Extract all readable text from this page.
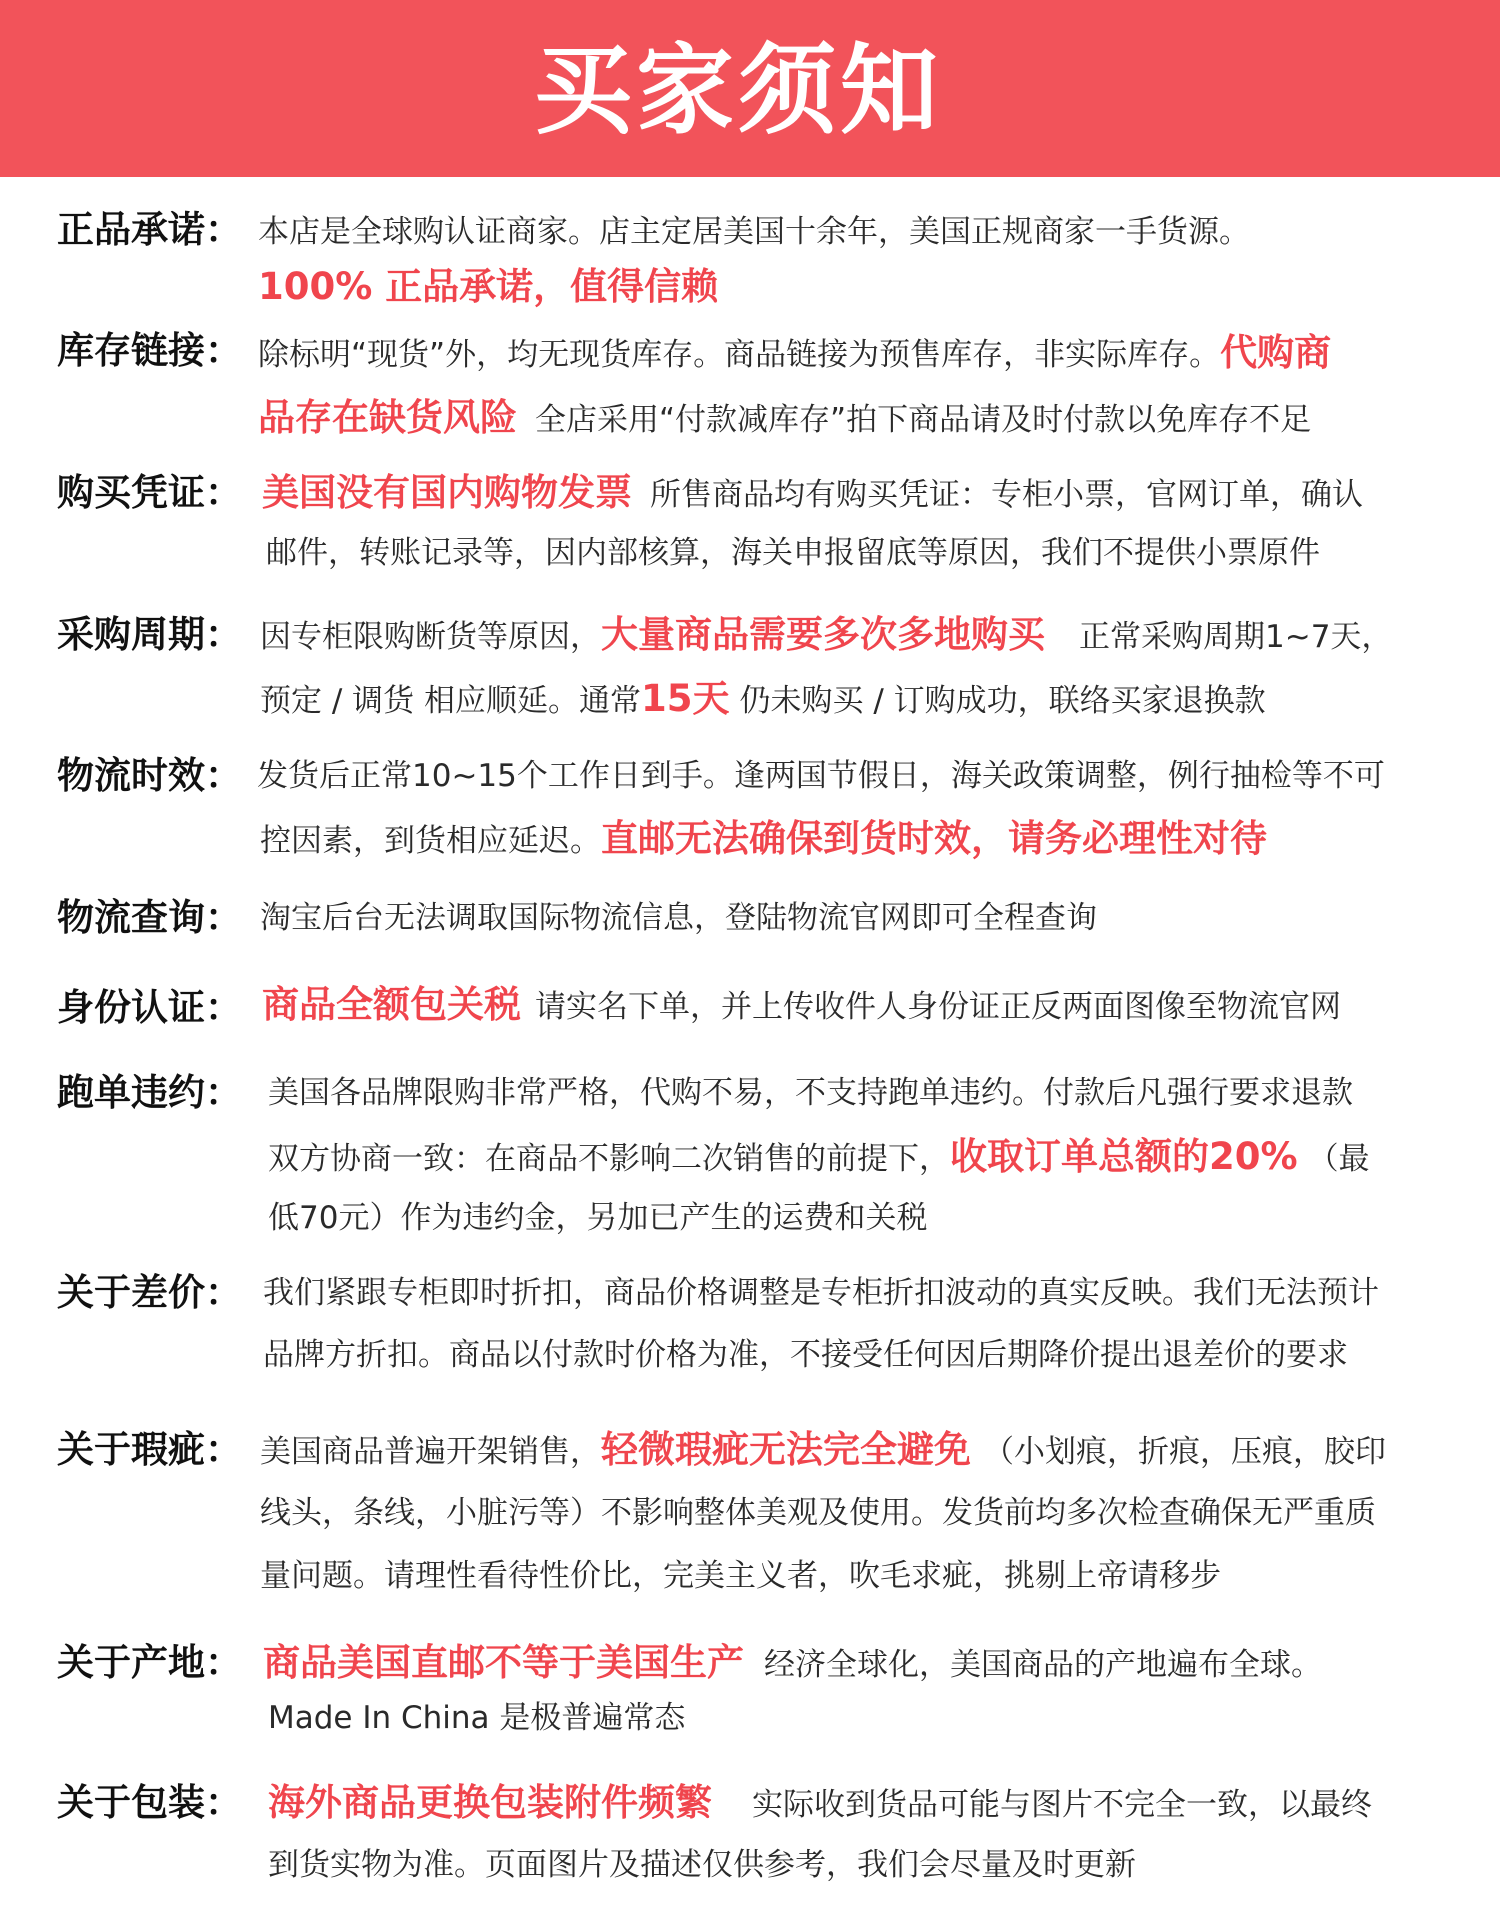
买家须知
正品承诺： 本店是全球购认证商家。店主定居美国十余年，美国正规商家一手货源。
100% 正品承诺，值得信赖
库存链接： 除标明“现货”外，均无现货库存。商品链接为预售库存，非实际库存。代购商
品存在缺货风险 全店采用“付款减库存”拍下商品请及时付款以免库存不足
购买凭证： 美国没有国内购物发票 所售商品均有购买凭证：专柜小票，官网订单，确认
邮件，转账记录等，因内部核算，海关申报留底等原因，我们不提供小票原件
采购周期： 因专柜限购断货等原因，大量商品需要多次多地购买 正常采购周期1~7天，
预定 / 调货 相应顺延。通常15天 仍未购买 / 订购成功，联络买家退换款
物流时效： 发货后正常10~15个工作日到手。逢两国节假日，海关政策调整，例行抽检等不可
控因素，到货相应延迟。直邮无法确保到货时效，请务必理性对待
物流查询： 淘宝后台无法调取国际物流信息，登陆物流官网即可全程查询
身份认证： 商品全额包关税 请实名下单，并上传收件人身份证正反两面图像至物流官网
跑单违约： 美国各品牌限购非常严格，代购不易，不支持跑单违约。付款后凡强行要求退款
双方协商一致：在商品不影响二次销售的前提下，收取订单总额的20% （最
低70元）作为违约金，另加已产生的运费和关税
关于差价： 我们紧跟专柜即时折扣，商品价格调整是专柜折扣波动的真实反映。我们无法预计
品牌方折扣。商品以付款时价格为准，不接受任何因后期降价提出退差价的要求
关于瑕疵： 美国商品普遍开架销售，轻微瑕疵无法完全避免 （小划痕，折痕，压痕，胶印
线头，条线，小脏污等）不影响整体美观及使用。发货前均多次检查确保无严重质
量问题。请理性看待性价比，完美主义者，吹毛求疵，挑剔上帝请移步
关于产地： 商品美国直邮不等于美国生产 经济全球化，美国商品的产地遍布全球。
Made In China 是极普遍常态
关于包装： 海外商品更换包装附件频繁 实际收到货品可能与图片不完全一致，以最终
到货实物为准。页面图片及描述仅供参考，我们会尽量及时更新
